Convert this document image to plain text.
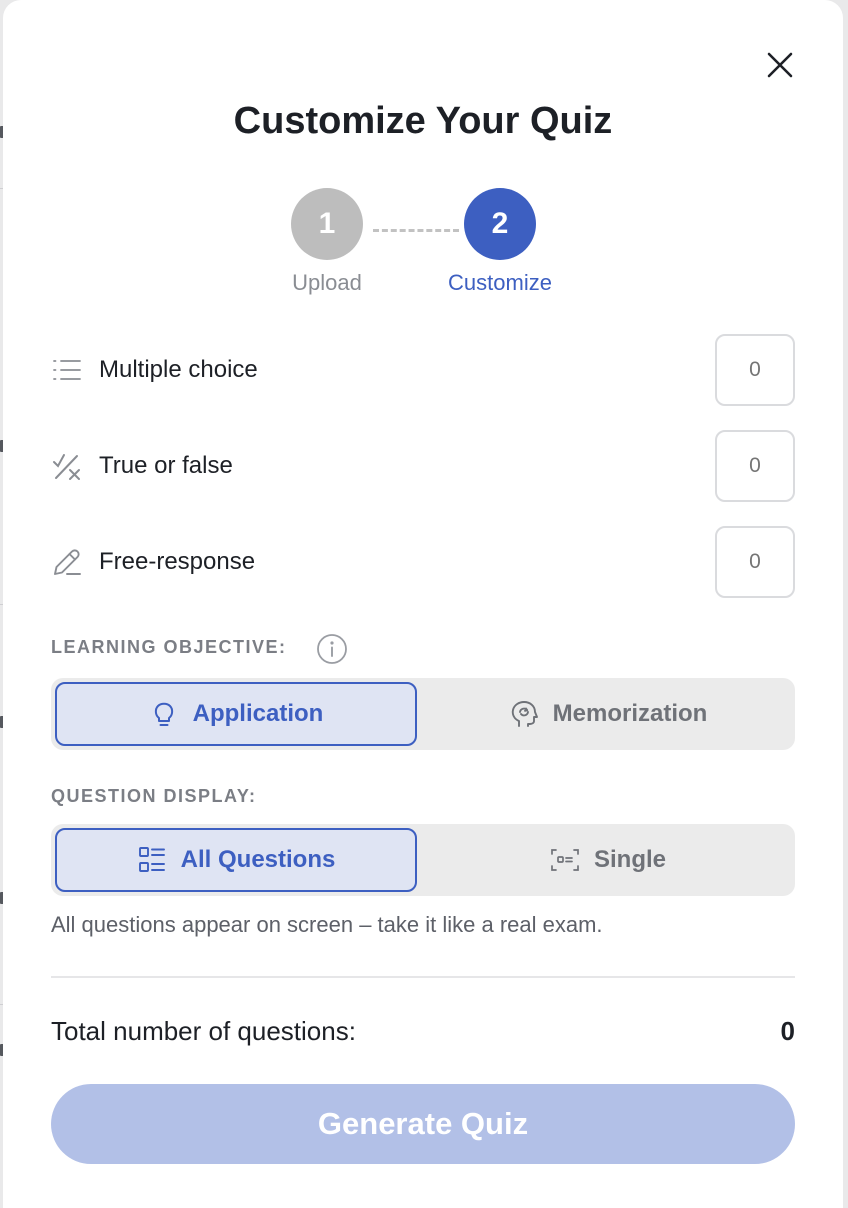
Customize Your Quiz
1	2
Upload	Customize
Multiple choice
0
True or false
0
Free-response
0
LEARNING OBJECTIVE:
Application	Memorization
QUESTION DISPLAY:
All Questions	Single
All questions appear on screen – take it like a real exam.
Total number of questions:	0
Generate Quiz
